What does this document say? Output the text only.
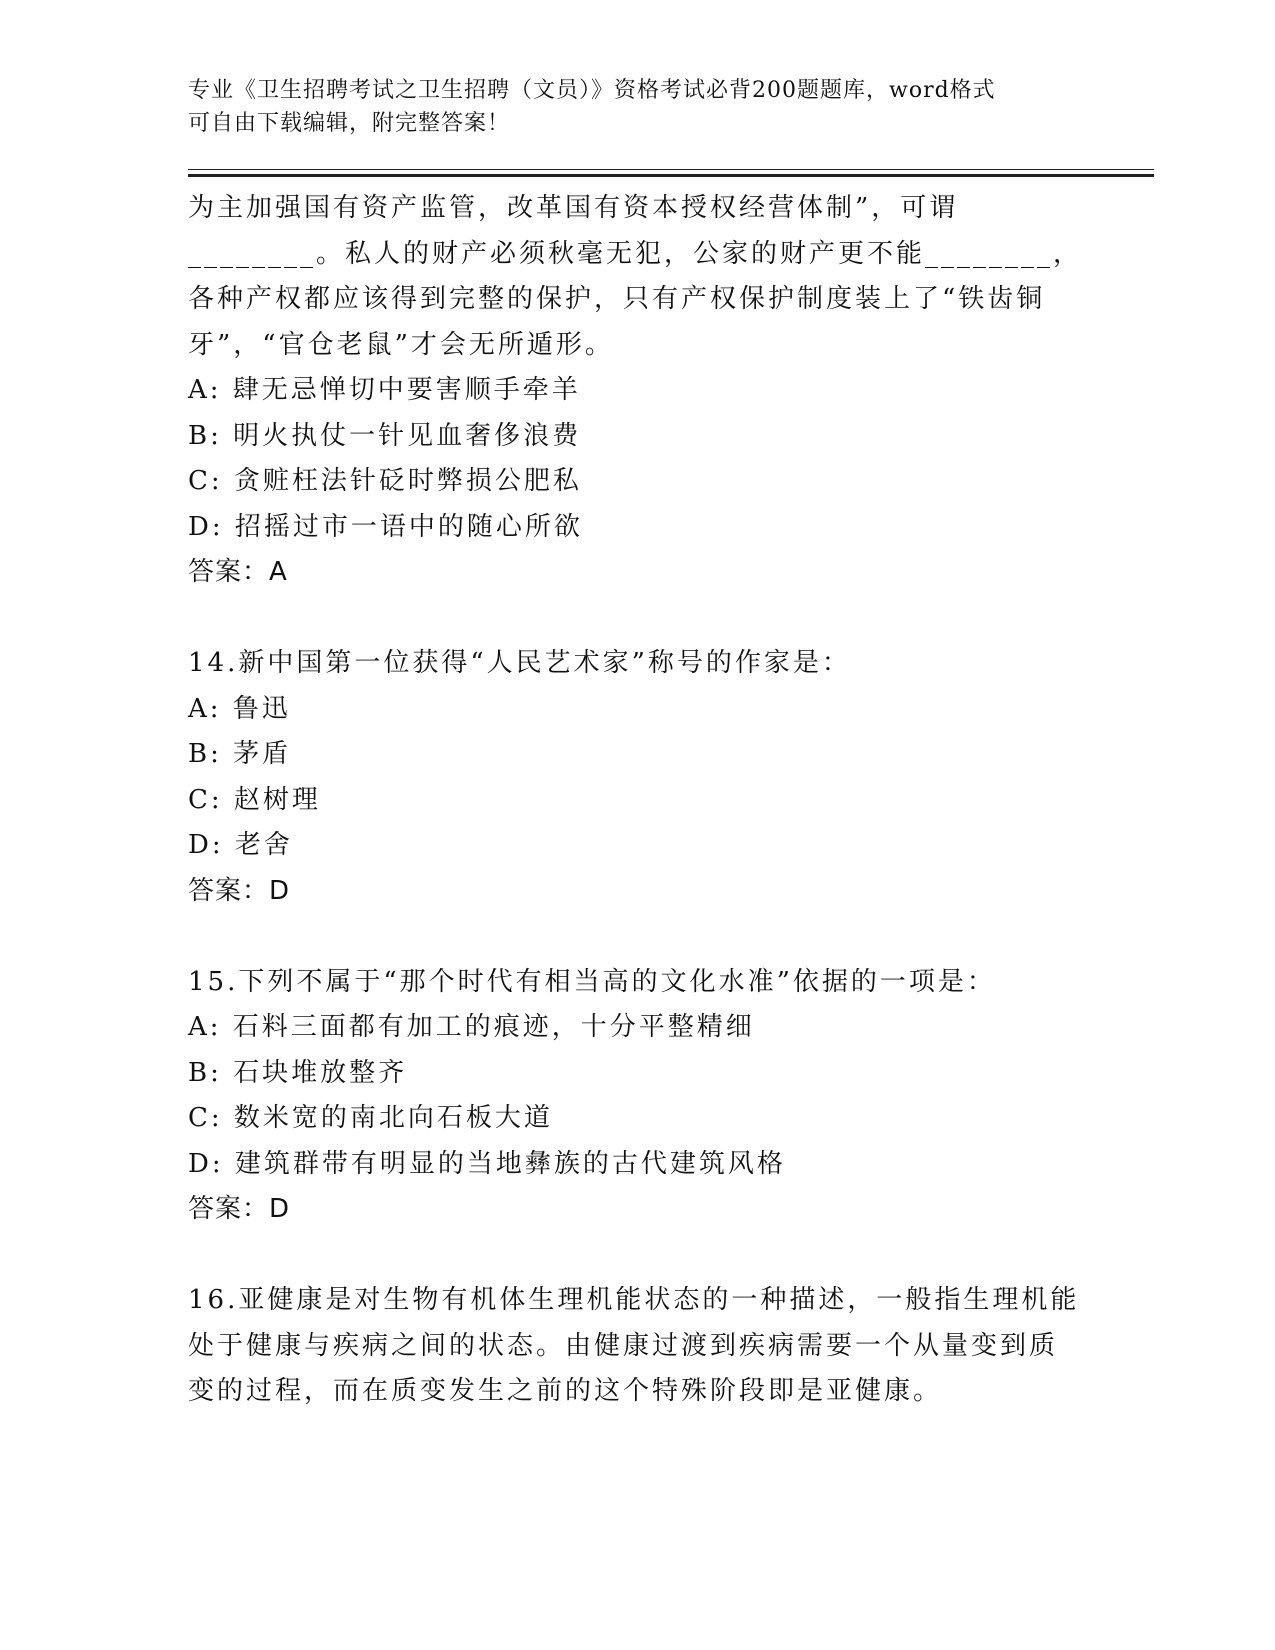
专业《卫生招聘考试之卫生招聘（文员）》资格考试必背200题题库，word格式
可自由下载编辑，附完整答案！
为主加强国有资产监管，改革国有资本授权经营体制”，可谓
________。私人的财产必须秋毫无犯，公家的财产更不能________，
各种产权都应该得到完整的保护，只有产权保护制度装上了“铁齿铜
牙”，“官仓老鼠”才会无所遁形。
A: 肆无忌惮切中要害顺手牵羊
B: 明火执仗一针见血奢侈浪费
C: 贪赃枉法针砭时弊损公肥私
D: 招摇过市一语中的随心所欲
答案：A
14.新中国第一位获得“人民艺术家”称号的作家是：
A: 鲁迅
B: 茅盾
C: 赵树理
D: 老舍
答案：D
15.下列不属于“那个时代有相当高的文化水准”依据的一项是：
A: 石料三面都有加工的痕迹，十分平整精细
B: 石块堆放整齐
C: 数米宽的南北向石板大道
D: 建筑群带有明显的当地彝族的古代建筑风格
答案：D
16.亚健康是对生物有机体生理机能状态的一种描述，一般指生理机能
处于健康与疾病之间的状态。由健康过渡到疾病需要一个从量变到质
变的过程，而在质变发生之前的这个特殊阶段即是亚健康。
